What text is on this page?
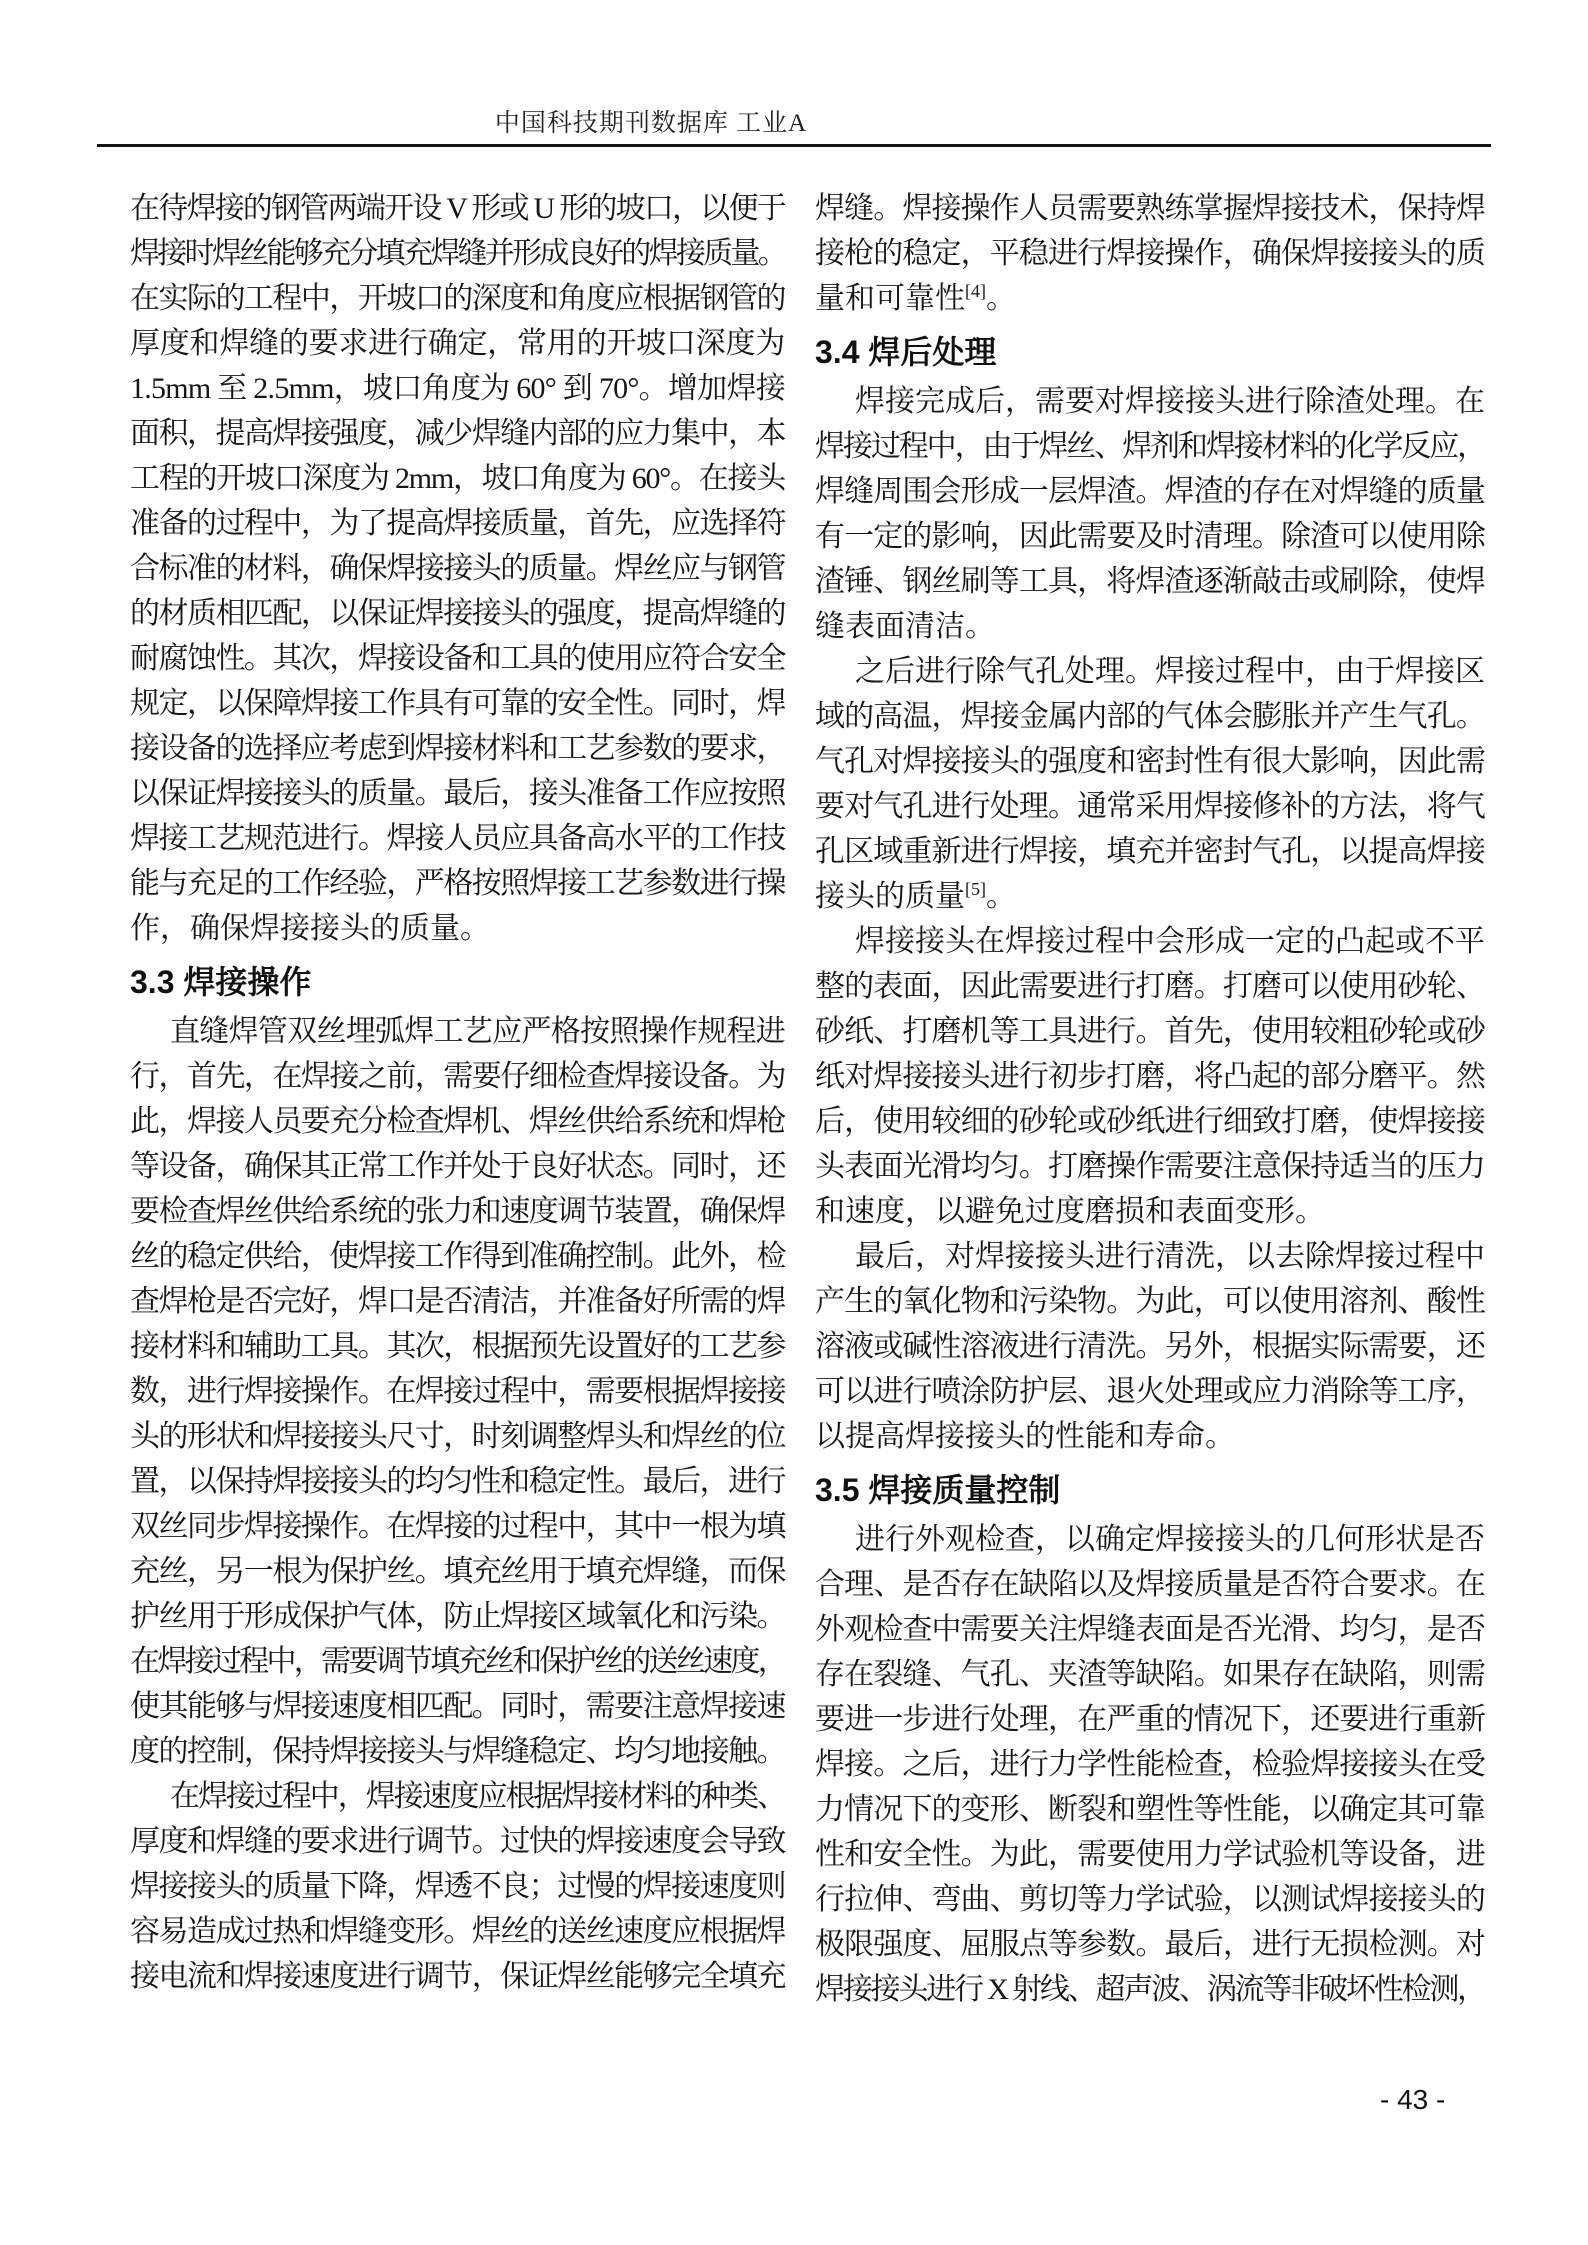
中国科技期刊数据库 工业A
在待焊接的钢管两端开设 V 形或 U 形的坡口，以便于
焊接时焊丝能够充分填充焊缝并形成良好的焊接质量。
在实际的工程中，开坡口的深度和角度应根据钢管的
厚度和焊缝的要求进行确定，常用的开坡口深度为
1.5mm 至 2.5mm，坡口角度为 60° 到 70°。增加焊接
面积，提高焊接强度，减少焊缝内部的应力集中，本
工程的开坡口深度为 2mm，坡口角度为 60°。在接头
准备的过程中，为了提高焊接质量，首先，应选择符
合标准的材料，确保焊接接头的质量。焊丝应与钢管
的材质相匹配，以保证焊接接头的强度，提高焊缝的
耐腐蚀性。其次，焊接设备和工具的使用应符合安全
规定，以保障焊接工作具有可靠的安全性。同时，焊
接设备的选择应考虑到焊接材料和工艺参数的要求，
以保证焊接接头的质量。最后，接头准备工作应按照
焊接工艺规范进行。焊接人员应具备高水平的工作技
能与充足的工作经验，严格按照焊接工艺参数进行操
作，确保焊接接头的质量。
3.3 焊接操作
直缝焊管双丝埋弧焊工艺应严格按照操作规程进
行，首先，在焊接之前，需要仔细检查焊接设备。为
此，焊接人员要充分检查焊机、焊丝供给系统和焊枪
等设备，确保其正常工作并处于良好状态。同时，还
要检查焊丝供给系统的张力和速度调节装置，确保焊
丝的稳定供给，使焊接工作得到准确控制。此外，检
查焊枪是否完好，焊口是否清洁，并准备好所需的焊
接材料和辅助工具。其次，根据预先设置好的工艺参
数，进行焊接操作。在焊接过程中，需要根据焊接接
头的形状和焊接接头尺寸，时刻调整焊头和焊丝的位
置，以保持焊接接头的均匀性和稳定性。最后，进行
双丝同步焊接操作。在焊接的过程中，其中一根为填
充丝，另一根为保护丝。填充丝用于填充焊缝，而保
护丝用于形成保护气体，防止焊接区域氧化和污染。
在焊接过程中，需要调节填充丝和保护丝的送丝速度，
使其能够与焊接速度相匹配。同时，需要注意焊接速
度的控制，保持焊接接头与焊缝稳定、均匀地接触。
在焊接过程中，焊接速度应根据焊接材料的种类、
厚度和焊缝的要求进行调节。过快的焊接速度会导致
焊接接头的质量下降，焊透不良；过慢的焊接速度则
容易造成过热和焊缝变形。焊丝的送丝速度应根据焊
接电流和焊接速度进行调节，保证焊丝能够完全填充
焊缝。焊接操作人员需要熟练掌握焊接技术，保持焊
接枪的稳定，平稳进行焊接操作，确保焊接接头的质
量和可靠性[4]。
3.4 焊后处理
焊接完成后，需要对焊接接头进行除渣处理。在
焊接过程中，由于焊丝、焊剂和焊接材料的化学反应，
焊缝周围会形成一层焊渣。焊渣的存在对焊缝的质量
有一定的影响，因此需要及时清理。除渣可以使用除
渣锤、钢丝刷等工具，将焊渣逐渐敲击或刷除，使焊
缝表面清洁。
之后进行除气孔处理。焊接过程中，由于焊接区
域的高温，焊接金属内部的气体会膨胀并产生气孔。
气孔对焊接接头的强度和密封性有很大影响，因此需
要对气孔进行处理。通常采用焊接修补的方法，将气
孔区域重新进行焊接，填充并密封气孔，以提高焊接
接头的质量[5]。
焊接接头在焊接过程中会形成一定的凸起或不平
整的表面，因此需要进行打磨。打磨可以使用砂轮、
砂纸、打磨机等工具进行。首先，使用较粗砂轮或砂
纸对焊接接头进行初步打磨，将凸起的部分磨平。然
后，使用较细的砂轮或砂纸进行细致打磨，使焊接接
头表面光滑均匀。打磨操作需要注意保持适当的压力
和速度，以避免过度磨损和表面变形。
最后，对焊接接头进行清洗，以去除焊接过程中
产生的氧化物和污染物。为此，可以使用溶剂、酸性
溶液或碱性溶液进行清洗。另外，根据实际需要，还
可以进行喷涂防护层、退火处理或应力消除等工序，
以提高焊接接头的性能和寿命。
3.5 焊接质量控制
进行外观检查，以确定焊接接头的几何形状是否
合理、是否存在缺陷以及焊接质量是否符合要求。在
外观检查中需要关注焊缝表面是否光滑、均匀，是否
存在裂缝、气孔、夹渣等缺陷。如果存在缺陷，则需
要进一步进行处理，在严重的情况下，还要进行重新
焊接。之后，进行力学性能检查，检验焊接接头在受
力情况下的变形、断裂和塑性等性能，以确定其可靠
性和安全性。为此，需要使用力学试验机等设备，进
行拉伸、弯曲、剪切等力学试验，以测试焊接接头的
极限强度、屈服点等参数。最后，进行无损检测。对
焊接接头进行 X 射线、超声波、涡流等非破坏性检测，
- 43 -
